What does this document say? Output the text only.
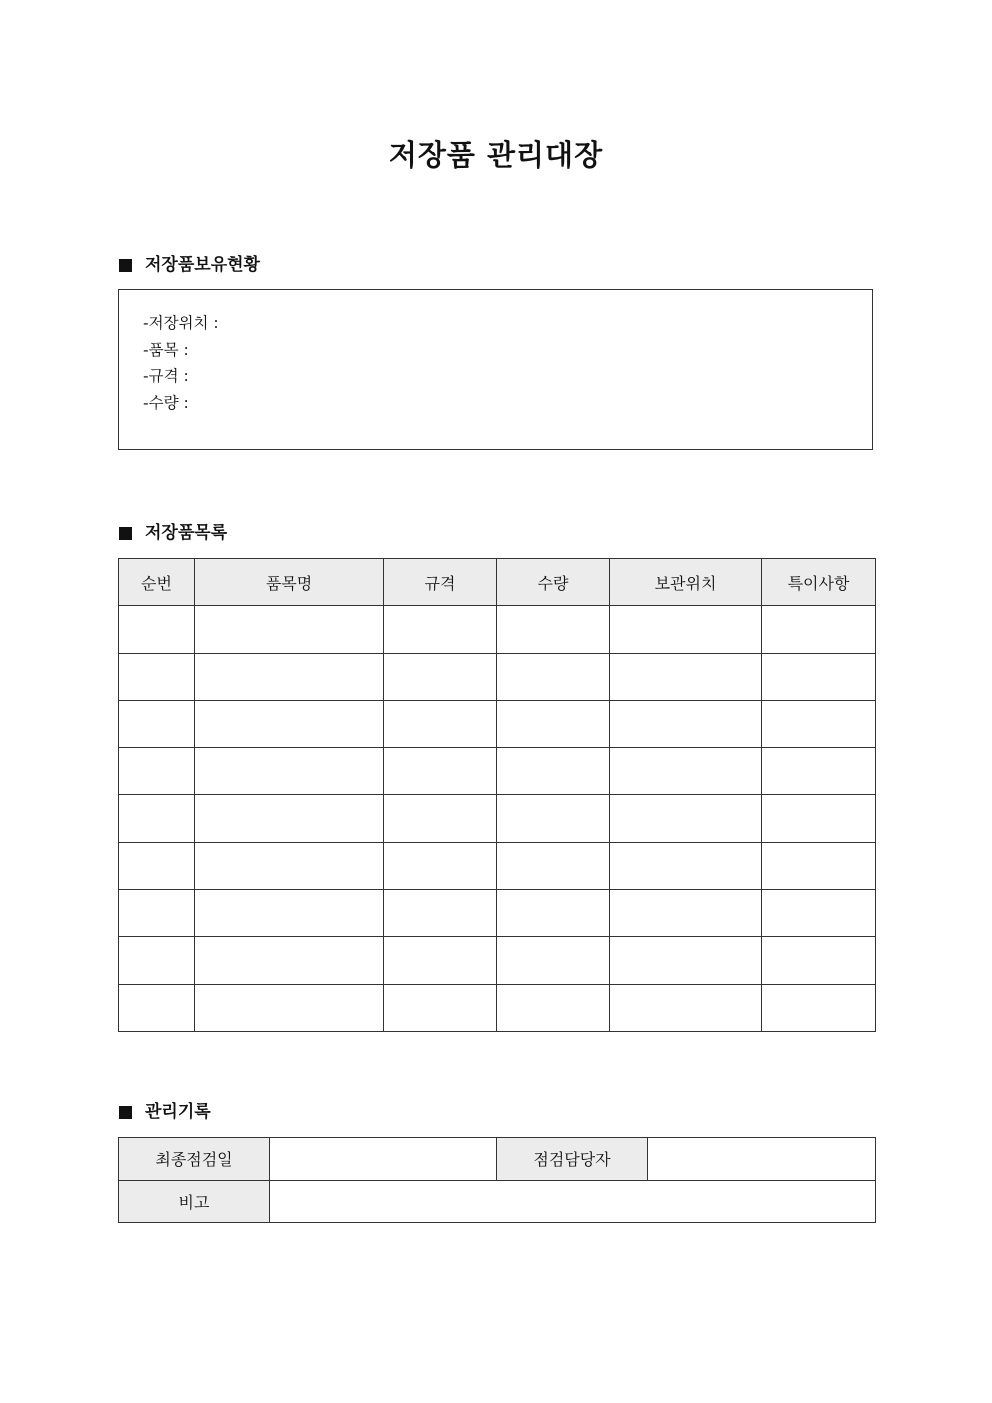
저장품 관리대장
저장품보유현황
-저장위치 :
-품목 :
-규격 :
-수량 :
저장품목록
순번	품목명	규격	수량	보관위치	특이사항

관리기록
최종점검일		점검담당자	
비고			
